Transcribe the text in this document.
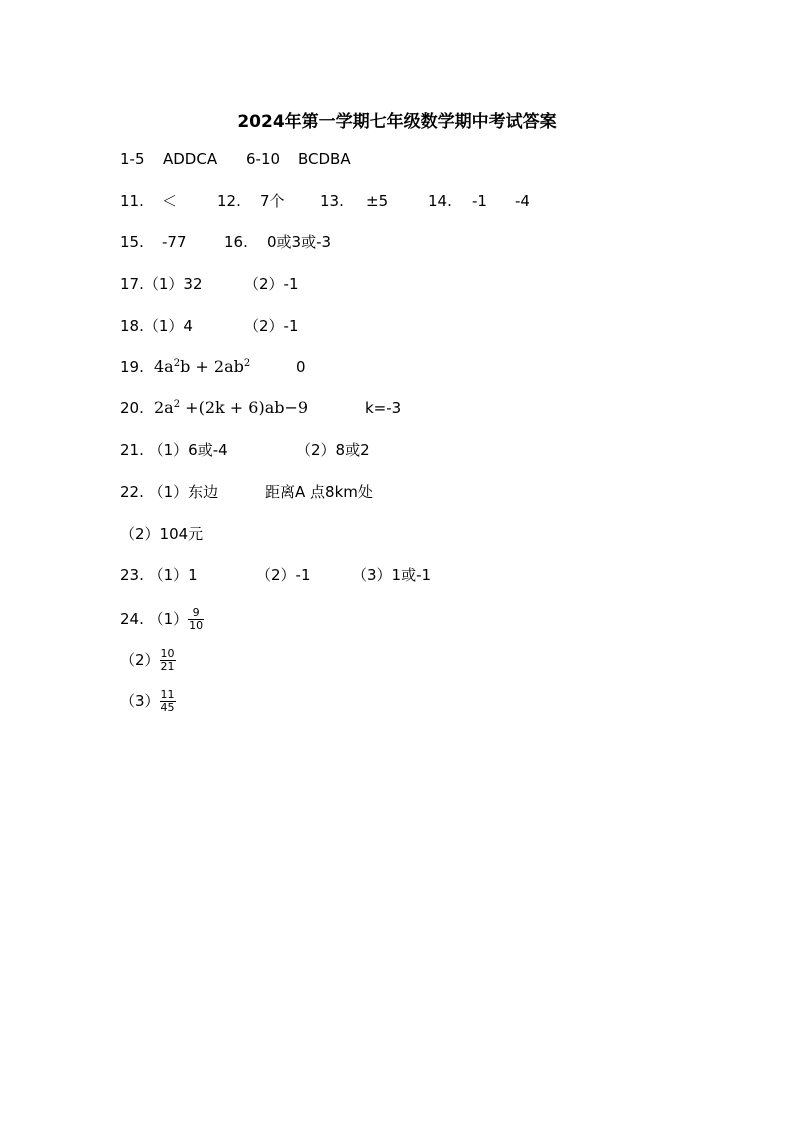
2024年第一学期七年级数学期中考试答案
1-5 ADDCA 6-10 BCDBA
11. ＜	12. 7个 13. ±5	14. -1 -4
15. -77	16. 0或3或-3
17.（1）32	（2）-1
18.（1）4	（2）-1
19. $4a^2b + 2ab^2$	0
20. $2a^2 +(2k + 6)ab-9$	k=-3
21. （1）6或-4	（2）8或2
22. （1）东边	距离A 点8km处
（2）104元
23. （1）1	（2）-1	（3）1或-1
24. $(1) \frac{9}{10}$
$(2) \frac{10}{21}$
$(3) \frac{11}{45}$
